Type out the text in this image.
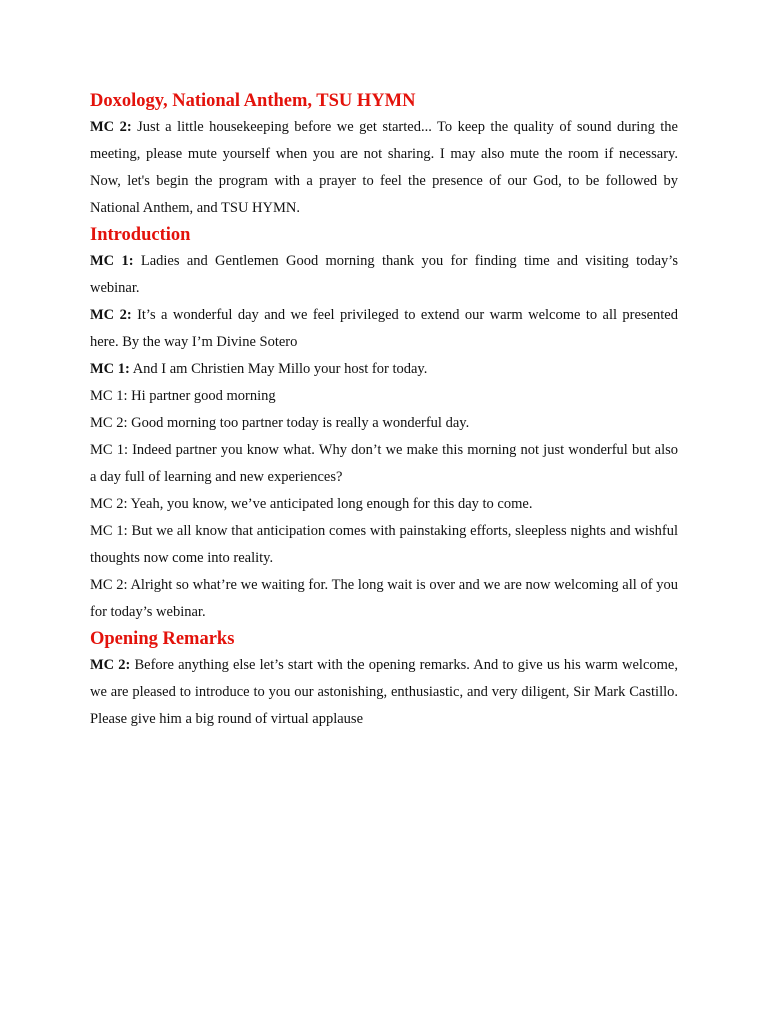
Doxology, National Anthem, TSU HYMN

MC 2: Just a little housekeeping before we get started... To keep the quality of sound during the meeting, please mute yourself when you are not sharing. I may also mute the room if necessary. Now, let's begin the program with a prayer to feel the presence of our God, to be followed by National Anthem, and TSU HYMN.

Introduction

MC 1: Ladies and Gentlemen Good morning thank you for finding time and visiting today’s webinar.

MC 2: It’s a wonderful day and we feel privileged to extend our warm welcome to all presented here. By the way I’m Divine Sotero

MC 1: And I am Christien May Millo your host for today.

MC 1: Hi partner good morning

MC 2: Good morning too partner today is really a wonderful day.

MC 1: Indeed partner you know what. Why don’t we make this morning not just wonderful but also a day full of learning and new experiences?

MC 2: Yeah, you know, we’ve anticipated long enough for this day to come.

MC 1: But we all know that anticipation comes with painstaking efforts, sleepless nights and wishful thoughts now come into reality.

MC 2: Alright so what’re we waiting for. The long wait is over and we are now welcoming all of you for today’s webinar.

Opening Remarks

MC 2: Before anything else let’s start with the opening remarks. And to give us his warm welcome, we are pleased to introduce to you our astonishing, enthusiastic, and very diligent, Sir Mark Castillo. Please give him a big round of virtual applause
